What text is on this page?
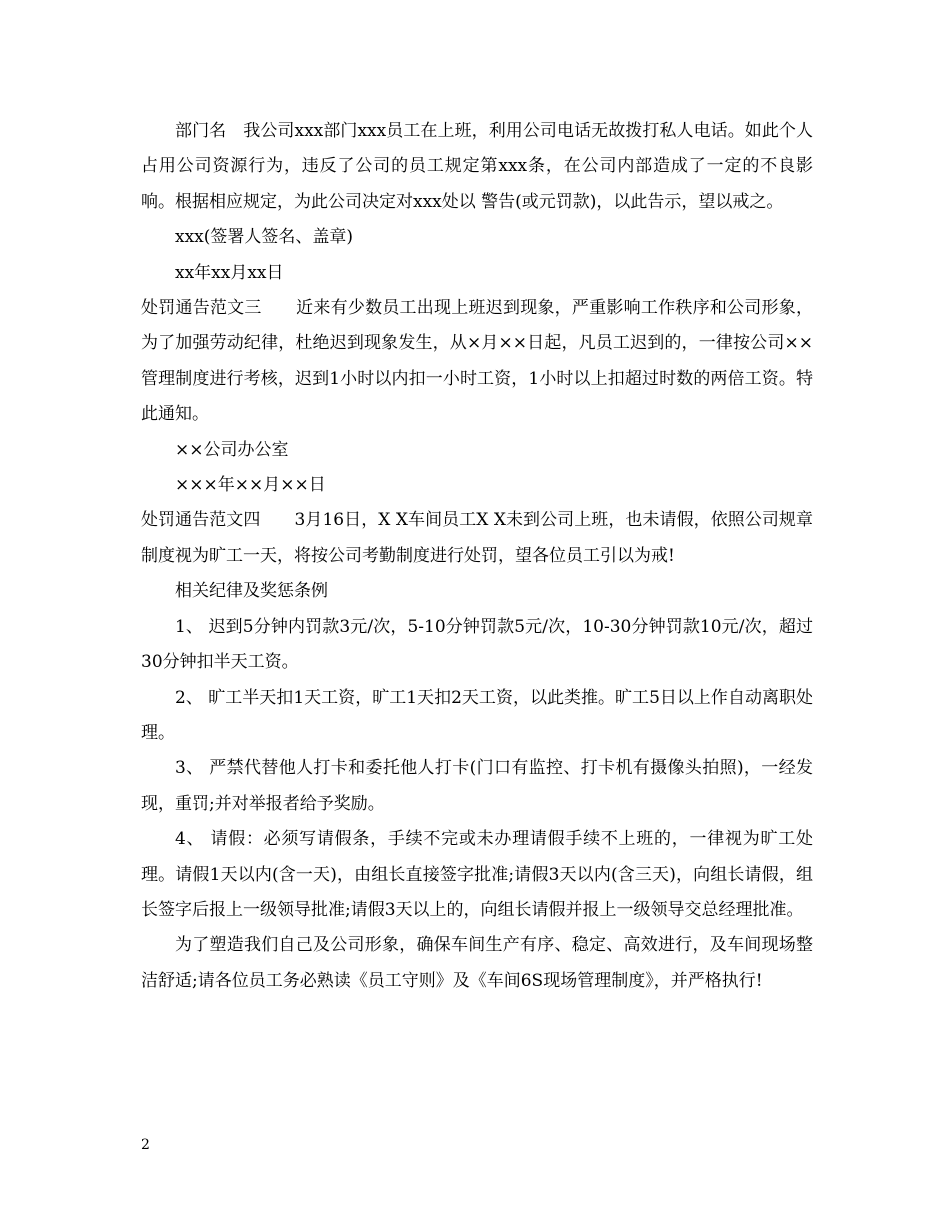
部门名　我公司xxx部门xxx员工在上班，利用公司电话无故拨打私人电话。如此个人占用公司资源行为，违反了公司的员工规定第xxx条，在公司内部造成了一定的不良影响。根据相应规定，为此公司决定对xxx处以 警告(或元罚款)，以此告示，望以戒之。

xxx(签署人签名、盖章)

xx年xx月xx日

处罚通告范文三　　近来有少数员工出现上班迟到现象，严重影响工作秩序和公司形象，为了加强劳动纪律，杜绝迟到现象发生，从×月××日起，凡员工迟到的，一律按公司××管理制度进行考核，迟到1小时以内扣一小时工资，1小时以上扣超过时数的两倍工资。特此通知。

××公司办公室

×××年××月××日

处罚通告范文四　　3月16日，X X车间员工X X未到公司上班，也未请假，依照公司规章制度视为旷工一天，将按公司考勤制度进行处罚，望各位员工引以为戒!

相关纪律及奖惩条例

1、 迟到5分钟内罚款3元/次，5-10分钟罚款5元/次，10-30分钟罚款10元/次，超过30分钟扣半天工资。

2、 旷工半天扣1天工资，旷工1天扣2天工资，以此类推。旷工5日以上作自动离职处理。

3、 严禁代替他人打卡和委托他人打卡(门口有监控、打卡机有摄像头拍照)，一经发现，重罚;并对举报者给予奖励。

4、 请假：必须写请假条，手续不完或未办理请假手续不上班的，一律视为旷工处理。请假1天以内(含一天)，由组长直接签字批准;请假3天以内(含三天)，向组长请假，组长签字后报上一级领导批准;请假3天以上的，向组长请假并报上一级领导交总经理批准。

为了塑造我们自己及公司形象，确保车间生产有序、稳定、高效进行，及车间现场整洁舒适;请各位员工务必熟读《员工守则》及《车间6S现场管理制度》，并严格执行!

2
